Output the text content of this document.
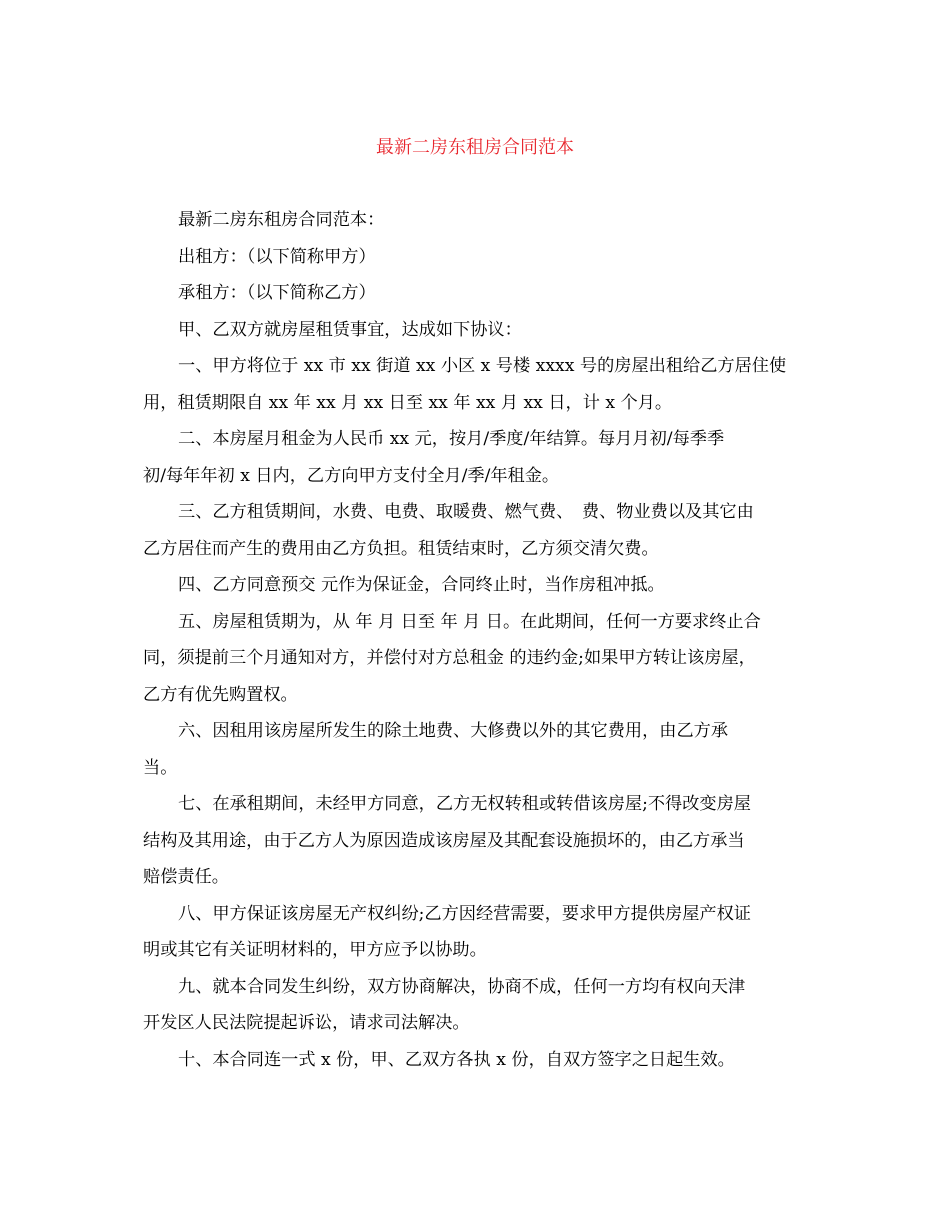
最新二房东租房合同范本
最新二房东租房合同范本：
出租方：（以下简称甲方）
承租方：（以下简称乙方）
甲、乙双方就房屋租赁事宜，达成如下协议：
一、甲方将位于 xx 市 xx 街道 xx 小区 x 号楼 xxxx 号的房屋出租给乙方居住使
用，租赁期限自 xx 年 xx 月 xx 日至 xx 年 xx 月 xx 日，计 x 个月。
二、本房屋月租金为人民币 xx 元，按月/季度/年结算。每月月初/每季季
初/每年年初 x 日内，乙方向甲方支付全月/季/年租金。
三、乙方租赁期间，水费、电费、取暖费、燃气费、　费、物业费以及其它由
乙方居住而产生的费用由乙方负担。租赁结束时，乙方须交清欠费。
四、乙方同意预交 元作为保证金，合同终止时，当作房租冲抵。
五、房屋租赁期为，从 年 月 日至 年 月 日。在此期间，任何一方要求终止合
同，须提前三个月通知对方，并偿付对方总租金 的违约金;如果甲方转让该房屋，
乙方有优先购置权。
六、因租用该房屋所发生的除土地费、大修费以外的其它费用，由乙方承
当。
七、在承租期间，未经甲方同意，乙方无权转租或转借该房屋;不得改变房屋
结构及其用途，由于乙方人为原因造成该房屋及其配套设施损坏的，由乙方承当
赔偿责任。
八、甲方保证该房屋无产权纠纷;乙方因经营需要，要求甲方提供房屋产权证
明或其它有关证明材料的，甲方应予以协助。
九、就本合同发生纠纷，双方协商解决，协商不成，任何一方均有权向天津
开发区人民法院提起诉讼，请求司法解决。
十、本合同连一式 x 份，甲、乙双方各执 x 份，自双方签字之日起生效。
